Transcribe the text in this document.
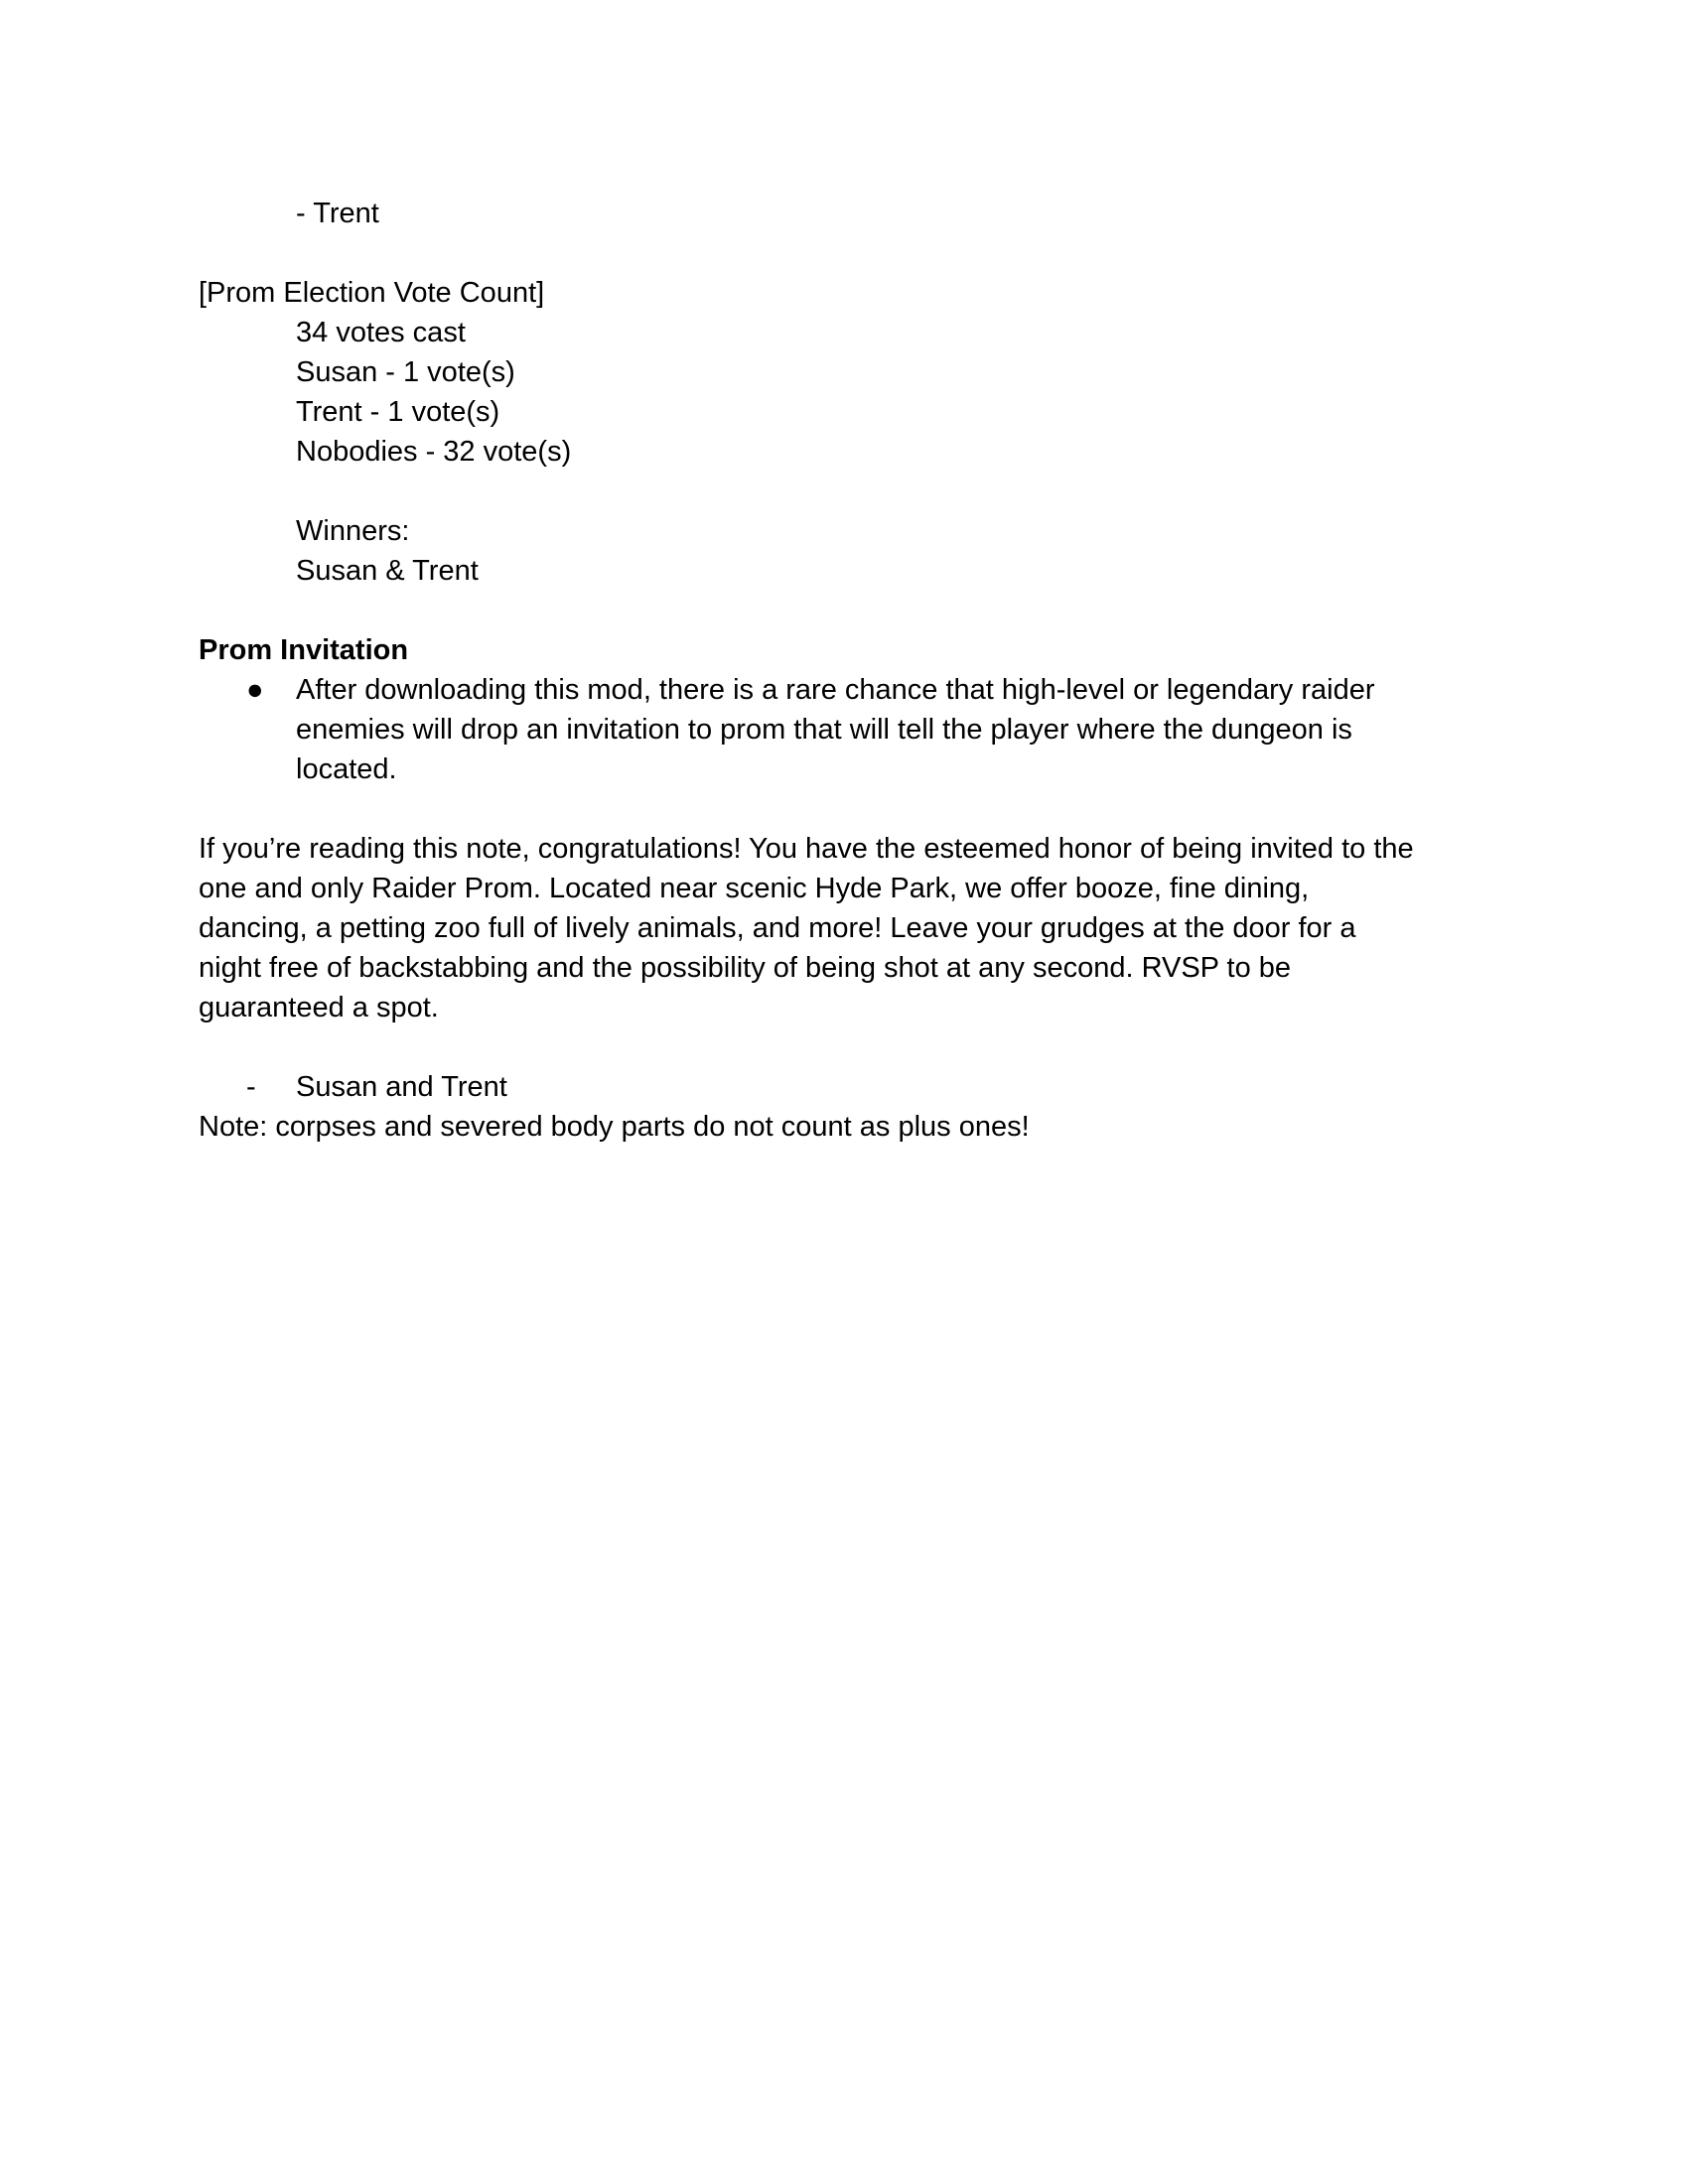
- Trent
[Prom Election Vote Count]
34 votes cast
Susan - 1 vote(s)
Trent - 1 vote(s)
Nobodies - 32 vote(s)
Winners:
Susan & Trent
Prom Invitation
● After downloading this mod, there is a rare chance that high-level or legendary raider
enemies will drop an invitation to prom that will tell the player where the dungeon is
located.
If you’re reading this note, congratulations! You have the esteemed honor of being invited to the
one and only Raider Prom. Located near scenic Hyde Park, we offer booze, fine dining,
dancing, a petting zoo full of lively animals, and more! Leave your grudges at the door for a
night free of backstabbing and the possibility of being shot at any second. RVSP to be
guaranteed a spot.
- Susan and Trent
Note: corpses and severed body parts do not count as plus ones!
